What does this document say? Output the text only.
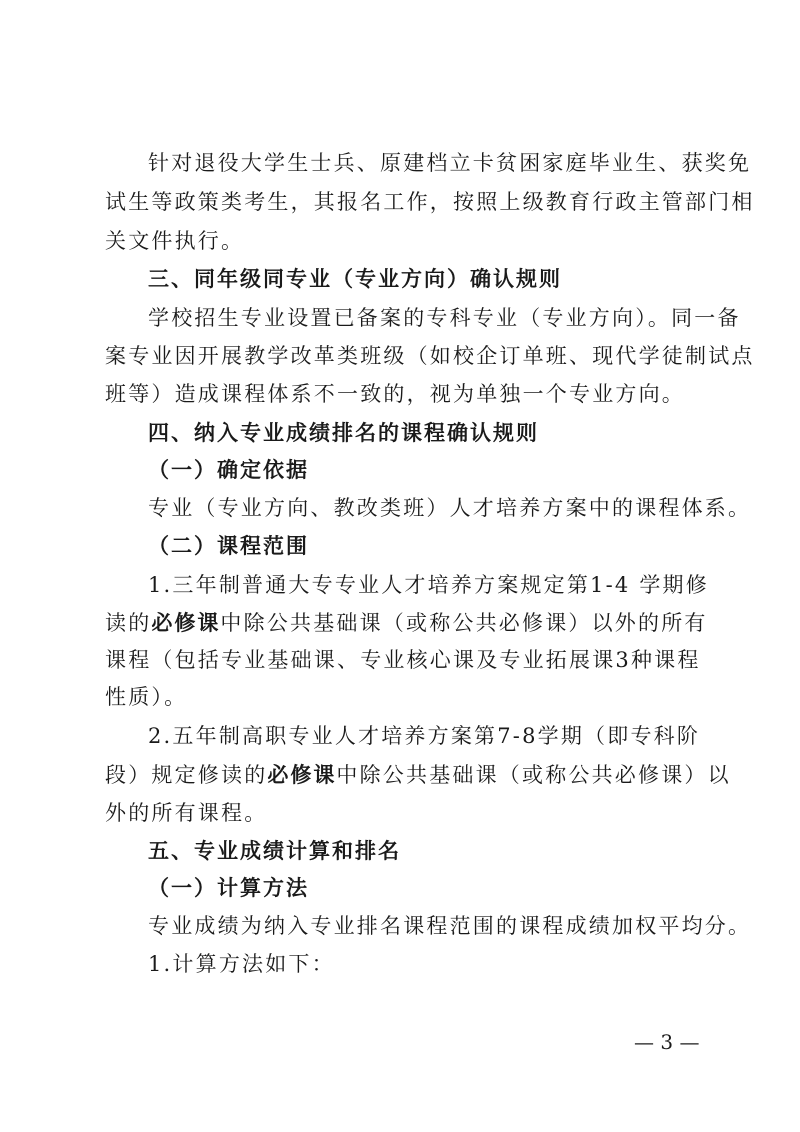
针对退役大学生士兵、原建档立卡贫困家庭毕业生、获奖免
试生等政策类考生，其报名工作，按照上级教育行政主管部门相
关文件执行。
三、同年级同专业（专业方向）确认规则
学校招生专业设置已备案的专科专业（专业方向）。同一备
案专业因开展教学改革类班级（如校企订单班、现代学徒制试点
班等）造成课程体系不一致的，视为单独一个专业方向。
四、纳入专业成绩排名的课程确认规则
（一）确定依据
专业（专业方向、教改类班）人才培养方案中的课程体系。
（二）课程范围
1.三年制普通大专专业人才培养方案规定第1-4 学期修
读的必修课中除公共基础课（或称公共必修课）以外的所有
课程（包括专业基础课、专业核心课及专业拓展课3种课程
性质）。
2.五年制高职专业人才培养方案第7-8学期（即专科阶
段）规定修读的必修课中除公共基础课（或称公共必修课）以
外的所有课程。
五、专业成绩计算和排名
（一）计算方法
专业成绩为纳入专业排名课程范围的课程成绩加权平均分。
1.计算方法如下：
— 3 —
